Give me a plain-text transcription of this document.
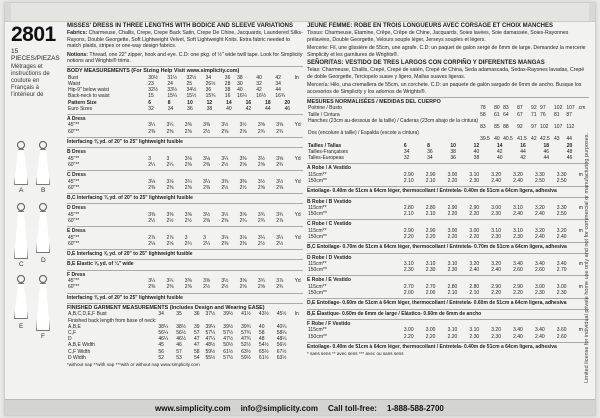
2801
15 PIECES/PIEZAS
Métrages et
instructions de
couture en Français à
l'intérieur de
A	B
C
D
E
F
MISSES' DRESS IN THREE LENGTHS WITH BODICE AND SLEEVE VARIATIONS
Fabrics: Charmeuse, Challis, Crepe, Crepe Back Satin, Crepe De Chine, Jacquards, Laundered Silks-Rayons, Double Georgette, Soft Lightweight Velvet, Soft Lightweight Knits. Extra fabric needed to match plaids, stripes or one-way design fabrics.
Notions: Thread, one 22" zipper, hook and eye. C.D: one pkg. of ½" wide twill tape. Look for Simplicity notions and Wrights® trims.
BODY MEASUREMENTS (For Sizing Help Visit www.simplicity.com)
Bust	30½	31½	32½	34	36	38	40	42	In
Waist	23	24	25	26½	28	30	32	34	
Hip-9" below waist	32½	33½	34½	36	38	40	42	44	
Back-neck to waist	15	15¼	15½	15¾	16	16¼	16½	16¾	
Pattern Size	6	8	10	12	14	16	18	20
Euro Sizes	32	34	36	38	40	42	44	46
A Dress
45"**	3¼	3¼	3⅜	3⅜	3½	3½	3⅝	3⅝	Yd
60"**	2⅜	2⅜	2⅜	2½	2⅝	2⅝	2¾	2¾	
Interfacing ⅜ yd. of 20" to 25" lightweight fusible
B Dress
45"**	3	3	3⅛	3⅛	3¼	3⅜	3½	3⅝	Yd
60"**	2¼	2¼	2⅜	2⅜	2½	2⅝	2⅝	2¾	
C Dress
45"**	3⅛	3⅛	3¼	3¼	3⅜	3⅜	3½	3½	Yd
60"**	2⅜	2⅜	2⅜	2⅜	2½	2½	2⅝	2⅝	
B,C Interfacing ¾ yd. of 20" to 25" lightweight fusible
D Dress
45"**	3⅜	3⅜	3⅜	3½	3½	3⅝	3¾	3¾	Yd
60"**	2½	2½	2½	2⅝	2⅝	2¾	2¾	2⅞	
E Dress
45"**	2⅞	2⅞	3	3	3⅛	3⅛	3¼	3¼	Yd
60"**	2⅛	2⅛	2¼	2¼	2⅜	2⅜	2½	2½	
D,E Interfacing ⅝ yd. of 20" to 25" lightweight fusible
B,E Elastic ⅝ yd. of ¼" wide
F Dress
45"**	3¼	3¼	3⅜	3⅜	3½	3⅝	3¾	3⅞	Yd
60"**	2⅜	2⅜	2⅜	2½	2½	2⅝	2⅝	2¾	
Interfacing ⅜ yd. of 20" to 25" lightweight fusible
FINISHED GARMENT MEASUREMENTS (Includes Design and Wearing EASE)
A,B,C,D,E,F Bust	34	35	36	37½	39½	41½	43½	45½	In
Finished back length from base of neck:									
A,B,E	38¼	38½	39	39¼	39½	39¾	40	40¼	
C,F	56¼	56½	57	57¼	57½	57¾	58	58¼	
D	46¼	46½	47	47¼	47½	47¾	48	48¼	
A,B,E Width	45	46	47	48½	50½	52½	54½	56½	
C,F Width	56	57	58	59½	61½	63½	65½	67½	
D Width	52	53	54	55½	57½	59½	61½	63½	
*without nap **with nap ***with or without nap www.simplicity.com
JEUNE FEMME: ROBE EN TROIS LONGUEURS AVEC CORSAGE ET CHOIX MANCHES
Tissus: Charmeuse, Étamine, Crêpe, Crêpe de Chine, Jacquards, Soies lavées, Soie damassée, Soies-Rayonnes prélavées, Double Georgette, Velours souple léger, Jerseys souples et légers.
Mercerie: Fil, une glissière de 55cm, une agrafe. C.D: un paquet de galon sergé de 6mm de large. Demandez la mercerie Simplicity et les garnitures de Wrights®.
SEÑORITAS: VESTIDO DE TRES LARGOS CON CORPIÑO Y DIFERENTES MANGAS
Telas: Charmeuse, Challis, Crepé, Crepé de satén, Crepé de China, Seda adamascada, Sedas-Rayones lavadas, Crepé de doble Georgette, Terciopelo suave y ligero, Mallas suaves ligeras.
Mercería: Hilo, una cremallera de 55cm, un corchete. C.D: un paquete de galón sargado de 6mm de ancho. Busque los accesorios de Simplicity y los adornos de Wrights®.
MESURES NORMALISÉES / MEDIDAS DEL CUERPO
Poitrine / Busto	78	80	83	87	92	97	102	107	cm
Taille / Cintura	58	61	64	67	71	76	81	87	
Hanches (23cm au-dessous de la taille) / Caderas (23cm abajo de la cintura)									
	83	85	88	92	97	102	107	112	
Dos (encolure à taille) / Espalda (escote a cintura)									
	39.5	40	40.5	41.5	42	42.5	43	44	
Tailles / Tallas	6	8	10	12	14	16	18	20
Tailles-Françaises	34	36	38	40	42	44	46	48
Talles-Europeas	32	34	36	38	40	42	44	46
A Robe / A Vestido
115cm**	2.90	2.90	3.00	3.10	3.20	3.20	3.30	3.30	m
150cm**	2.10	2.10	2.20	2.30	2.40	2.40	2.50	2.50	
Entoilage- 0.40m de 51cm à 64cm léger, thermocollant / Entretela- 0.40m de 51cm a 64cm ligera, adhesiva
B Robe / B Vestido
115cm**	2.80	2.80	2.90	2.90	3.00	3.10	3.20	3.30	m
150cm**	2.10	2.10	2.20	2.20	2.30	2.40	2.40	2.50	
C Robe / C Vestido
115cm**	2.90	2.90	3.00	3.00	3.10	3.10	3.20	3.20	m
150cm**	2.20	2.20	2.20	2.20	2.30	2.30	2.40	2.40	
B,C Entoilage- 0.70m de 51cm à 64cm léger, thermocollant / Entretela- 0.70m de 51cm a 64cm ligera, adhesiva
D Robe / D Vestido
115cm**	3.10	3.10	3.10	3.20	3.20	3.40	3.40	3.40	m
150cm**	2.30	2.30	2.30	2.40	2.40	2.60	2.60	2.70	
E Robe / E Vestido
115cm**	2.70	2.70	2.80	2.80	2.90	2.90	3.00	3.00	m
150cm**	2.00	2.00	2.10	2.10	2.20	2.20	2.30	2.30	
D,E Entoilage- 0.60m de 51cm à 64cm léger, thermocollant / Entretela- 0.60m de 51cm a 64cm ligera, adhesiva
B,E Élastique- 0.60m de 6mm de large / Elástico- 0.60m de 6mm de ancho
F Robe / F Vestido
115cm**	3.00	3.00	3.10	3.10	3.20	3.40	3.40	3.60	m
150cm**	2.20	2.20	2.20	2.30	2.30	2.40	2.40	2.60	
Entoilage- 0.40m de 51cm à 64cm léger, thermocollant / Entretela- 0.40m de 51cm a 64cm ligera, adhesiva
* sans sens ** avec sens *** avec ou sans sens	Limited license for individual private home use only and not for commercial or manufacturing purposes.
www.simplicity.com info@simplicity.com Call toll-free: 1-888-588-2700
